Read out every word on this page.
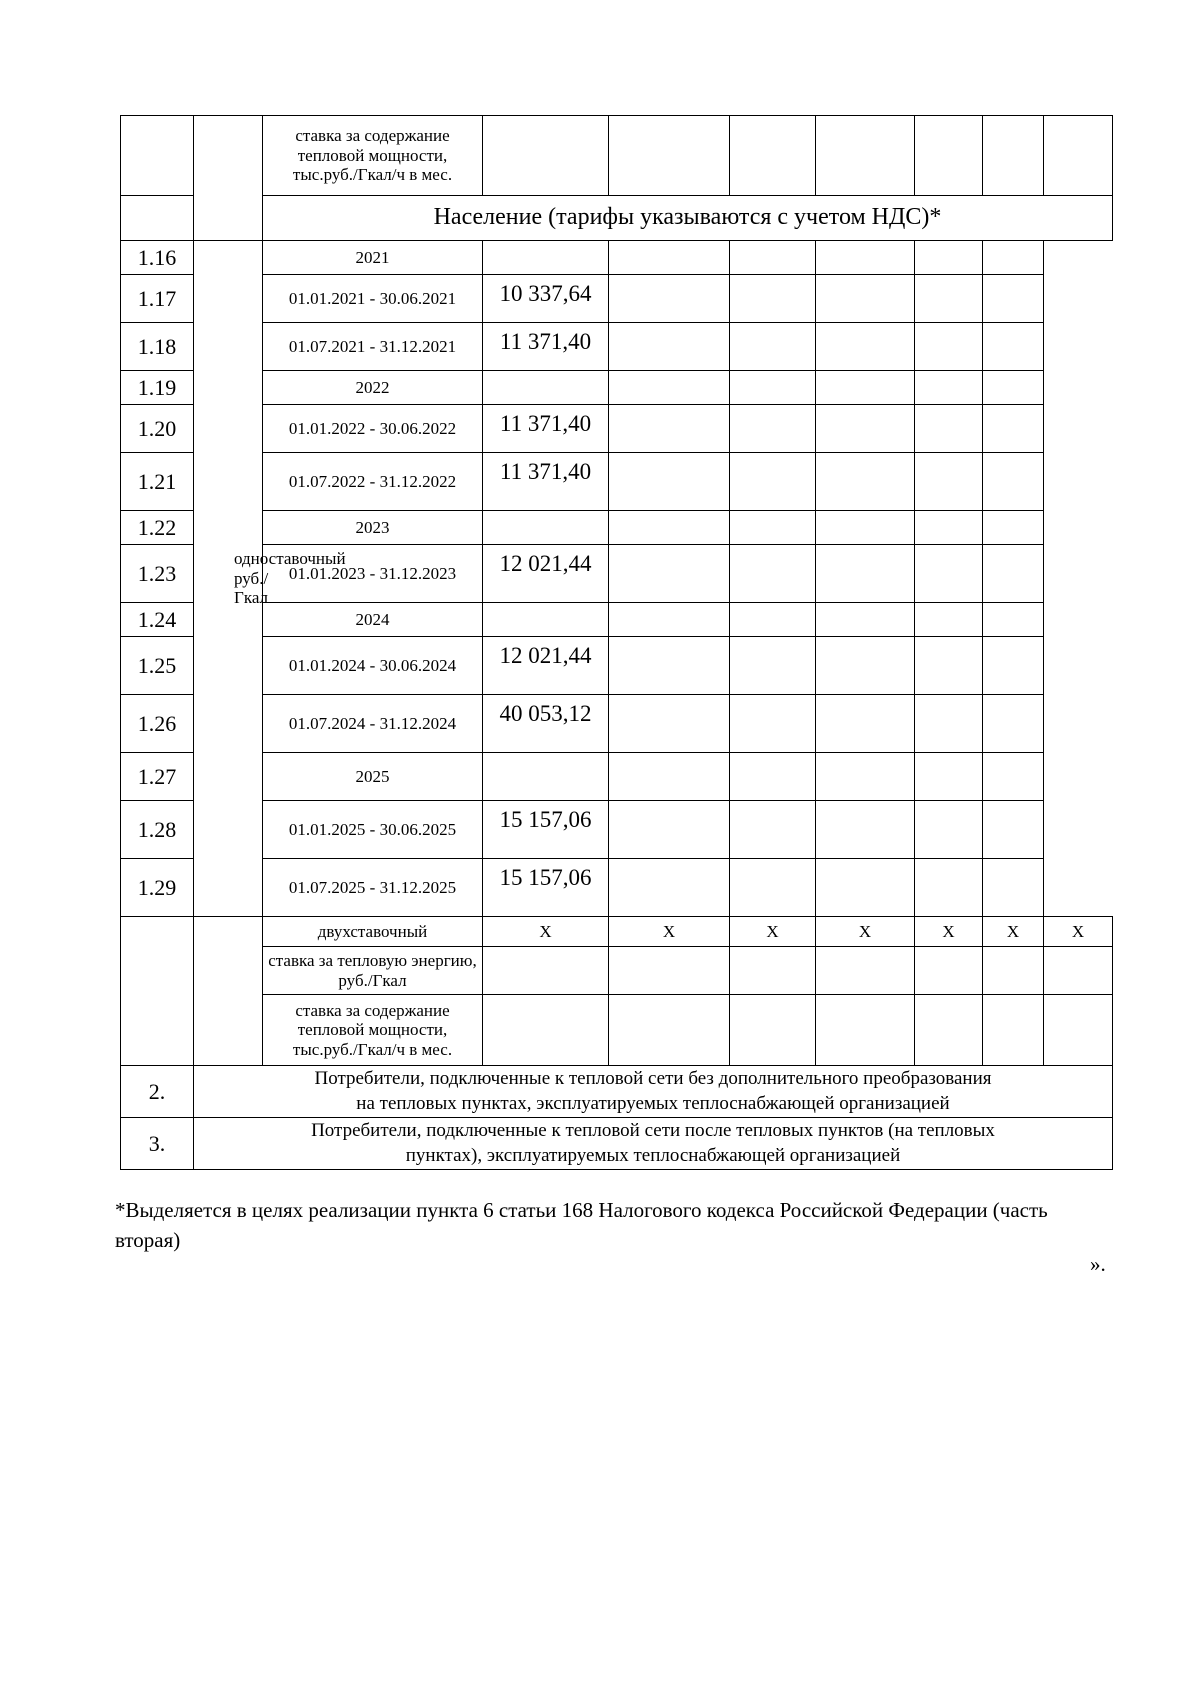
		ставка за содержание тепловой мощности, тыс.руб./Гкал/ч в мес.							
		Население (тарифы указываются с учетом НДС)*							
1.16	одноставочный руб./Гкал	2021							
1.17		01.01.2021 - 30.06.2021	10 337,64						
1.18		01.07.2021 - 31.12.2021	11 371,40						
1.19		2022							
1.20		01.01.2022 - 30.06.2022	11 371,40						
1.21		01.07.2022 - 31.12.2022	11 371,40						
1.22		2023							
1.23		01.01.2023 - 31.12.2023	12 021,44						
1.24		2024							
1.25		01.01.2024 - 30.06.2024	12 021,44						
1.26		01.07.2024 - 31.12.2024	40 053,12						
1.27		2025							
1.28		01.01.2025 - 30.06.2025	15 157,06						
1.29		01.07.2025 - 31.12.2025	15 157,06						
		двухставочный	X	X	X	X	X	X	X
		ставка за тепловую энергию, руб./Гкал							
		ставка за содержание тепловой мощности, тыс.руб./Гкал/ч в мес.							
2.	Потребители, подключенные к тепловой сети без дополнительного преобразования
на тепловых пунктах, эксплуатируемых теплоснабжающей организацией								

3.	Потребители, подключенные к тепловой сети после тепловых пунктов (на тепловых
пунктах), эксплуатируемых теплоснабжающей организацией								
*Выделяется в целях реализации пункта 6 статьи 168 Налогового кодекса Российской Федерации (часть вторая)
».
